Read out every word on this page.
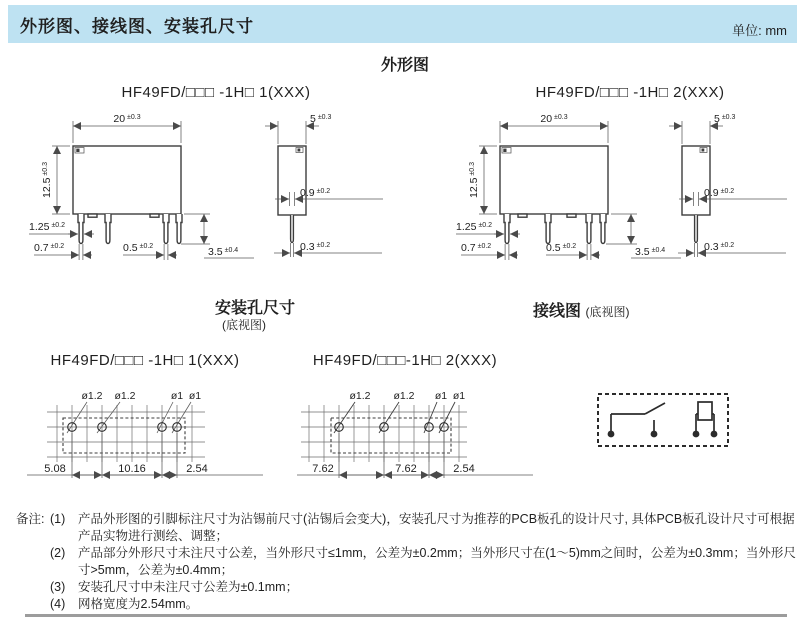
外形图、接线图、安装孔尺寸	单位: mm
外形图
HF49FD/□□□ -1H□ 1(XXX)	HF49FD/□□□ -1H□ 2(XXX)
20 $^{\pm 0.3}$
$12.5^{\pm 0.3}$
3.5 $^{\pm 0.4}$
1.25 $^{\pm 0.2}$
0.7 $^{\pm 0.2}$	0.5 $^{\pm 0.2}$
5 $^{\pm 0.3}$
0.9 $^{\pm 0.2}$
0.3 $^{\pm 0.2}$
20 $^{\pm 0.3}$
$12.5^{\pm 0.3}$
3.5 $^{\pm 0.4}$
1.25 $^{\pm 0.2}$
0.7 $^{\pm 0.2}$	0.5 $^{\pm 0.2}$
5 $^{\pm 0.3}$
0.9 $^{\pm 0.2}$
0.3 $^{\pm 0.2}$
安装孔尺寸
(底视图)
接线图 (底视图)
HF49FD/□□□ -1H□ 1(XXX)	HF49FD/□□□-1H□ 2(XXX)
ø1.2 ø1.2	ø1 ø1
5.08	10.16	2.54
ø1.2 ø1.2 ø1 ø1
7.62	7.62	2.54
备注: (1)	产品外形图的引脚标注尺寸为沾锡前尺寸(沾锡后会变大)，安装孔尺寸为推荐的PCB板孔的设计尺寸, 具体PCB板孔设计尺寸可根据产品实物进行测绘、调整；
(2)	产品部分外形尺寸未注尺寸公差，当外形尺寸≤1mm，公差为±0.2mm；当外形尺寸在(1～5)mm之间时，公差为±0.3mm；当外形尺寸>5mm，公差为±0.4mm；
(3)	安装孔尺寸中未注尺寸公差为±0.1mm；
(4)	网格宽度为2.54mm。
